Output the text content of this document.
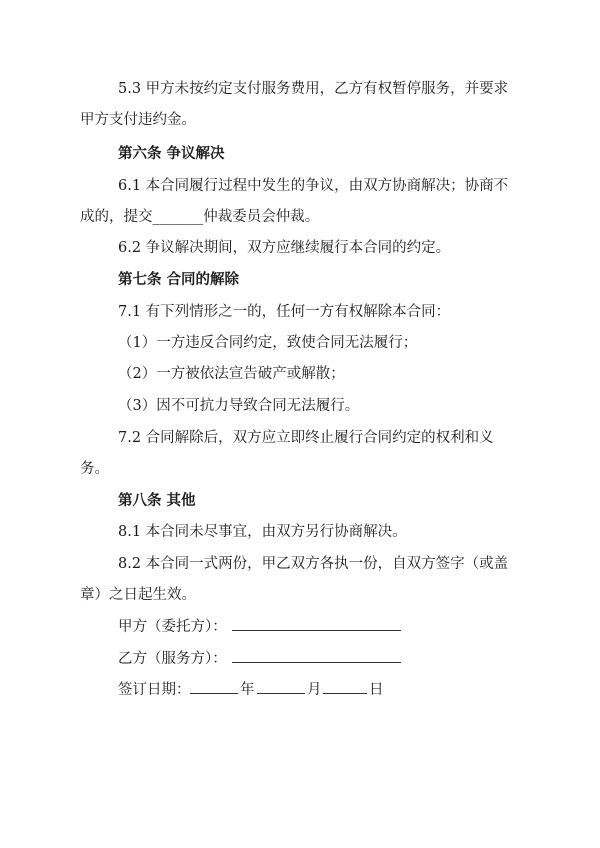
5.3 甲方未按约定支付服务费用，乙方有权暂停服务，并要求
甲方支付违约金。
第六条 争议解决
6.1 本合同履行过程中发生的争议，由双方协商解决；协商不
成的，提交_______仲裁委员会仲裁。
6.2 争议解决期间，双方应继续履行本合同的约定。
第七条 合同的解除
7.1 有下列情形之一的，任何一方有权解除本合同：
（1）一方违反合同约定，致使合同无法履行；
（2）一方被依法宣告破产或解散；
（3）因不可抗力导致合同无法履行。
7.2 合同解除后，双方应立即终止履行合同约定的权利和义
务。
第八条 其他
8.1 本合同未尽事宜，由双方另行协商解决。
8.2 本合同一式两份，甲乙双方各执一份，自双方签字（或盖
章）之日起生效。
甲方（委托方）：
乙方（服务方）：
签订日期：	年	月	日
